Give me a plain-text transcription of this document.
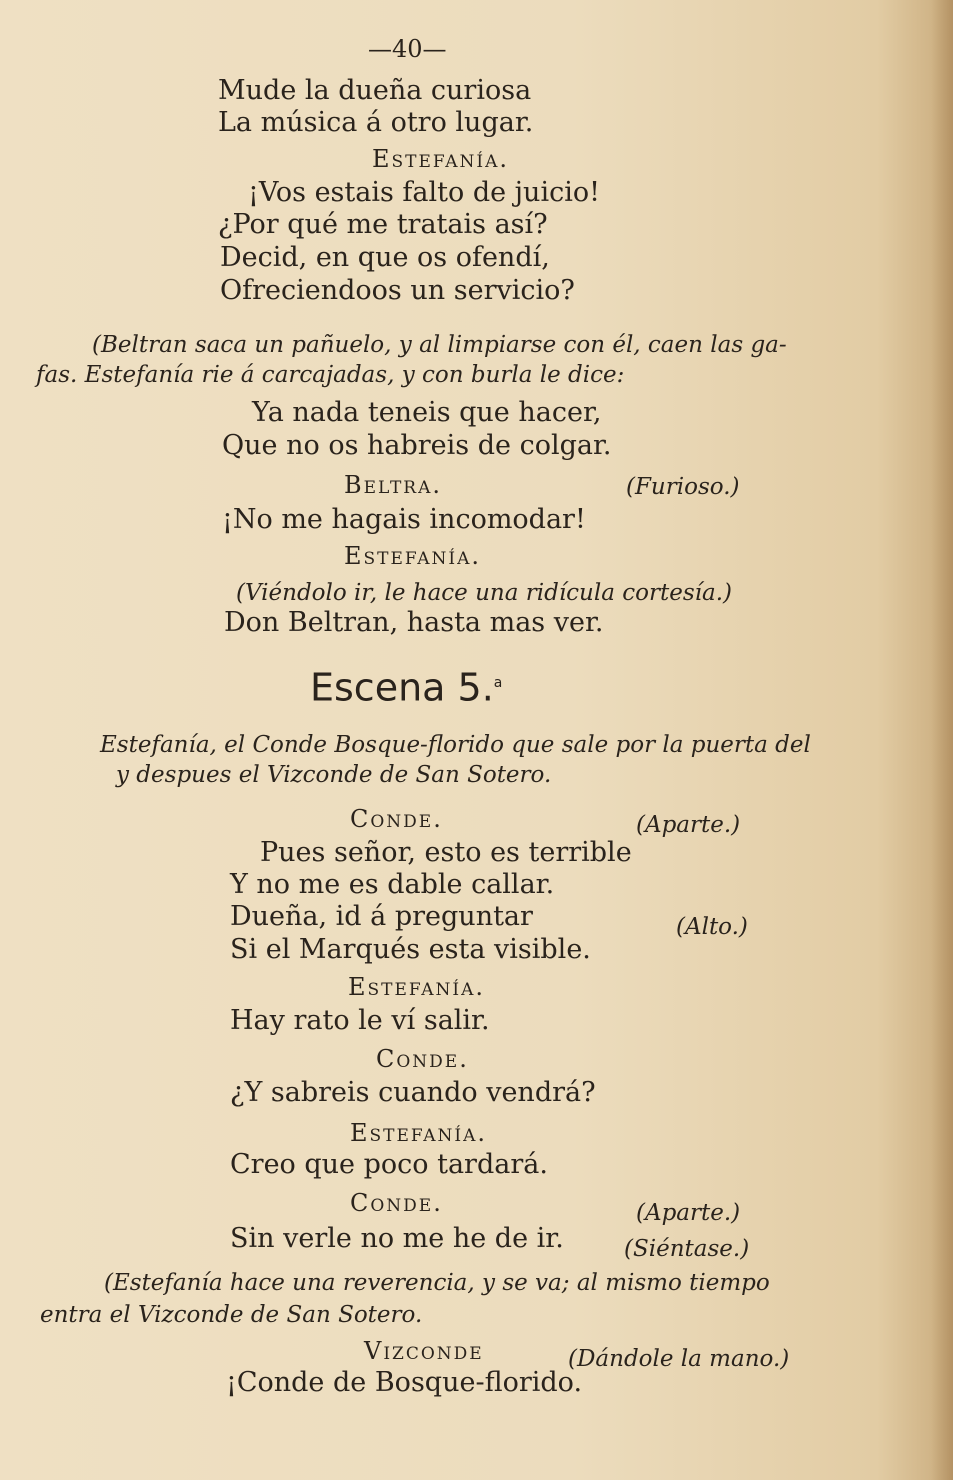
—40—
Mude la dueña curiosa
La música á otro lugar.
Estefanía.
¡Vos estais falto de juicio!
¿Por qué me tratais así?
Decid, en que os ofendí,
Ofreciendoos un servicio?
(Beltran saca un pañuelo, y al limpiarse con él, caen las ga-
fas. Estefanía rie á carcajadas, y con burla le dice:
Ya nada teneis que hacer,
Que no os habreis de colgar.
Beltra.	(Furioso.)
¡No me hagais incomodar!
Estefanía.
(Viéndolo ir, le hace una ridícula cortesía.)
Don Beltran, hasta mas ver.
Escena 5.$^a$
Estefanía, el Conde Bosque-florido que sale por la puerta del
y despues el Vizconde de San Sotero.
Conde.	(Aparte.)
Pues señor, esto es terrible
Y no me es dable callar.
Dueña, id á preguntar	(Alto.)
Si el Marqués esta visible.
Estefanía.
Hay rato le ví salir.
Conde.
¿Y sabreis cuando vendrá?
Estefanía.
Creo que poco tardará.
Conde.	(Aparte.)
Sin verle no me he de ir.	(Siéntase.)
(Estefanía hace una reverencia, y se va; al mismo tiempo
entra el Vizconde de San Sotero.
Vizconde	(Dándole la mano.)
¡Conde de Bosque-florido.
